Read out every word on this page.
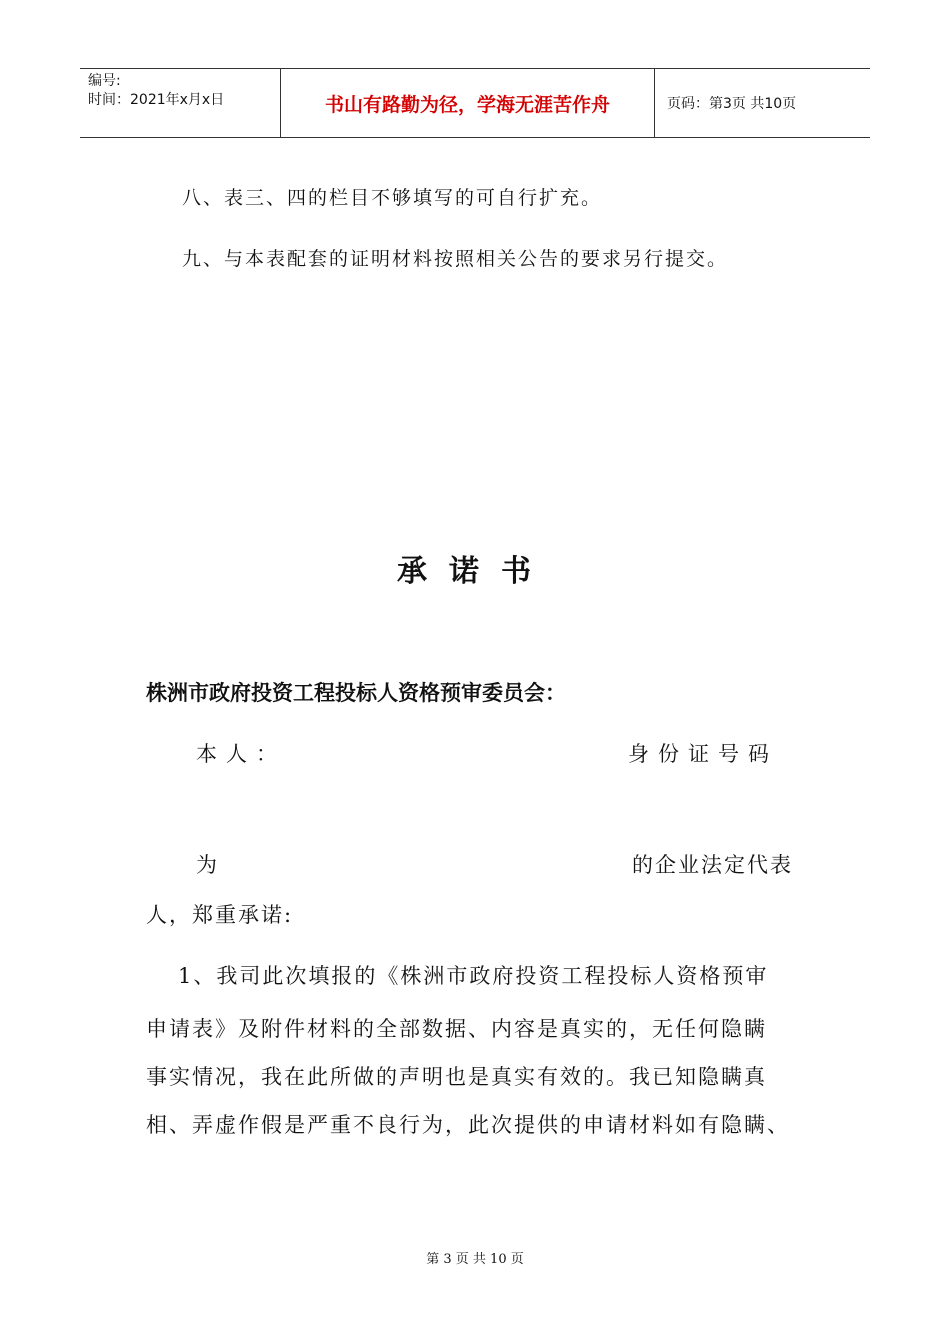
编号:
时间：2021年x月x日	书山有路勤为径，学海无涯苦作舟	页码：第3页 共10页
八、表三、四的栏目不够填写的可自行扩充。
九、与本表配套的证明材料按照相关公告的要求另行提交。
承诺书
株洲市政府投资工程投标人资格预审委员会：
本人：	身份证号码
为	的企业法定代表
人，郑重承诺:
1、我司此次填报的《株洲市政府投资工程投标人资格预审
申请表》及附件材料的全部数据、内容是真实的，无任何隐瞒
事实情况，我在此所做的声明也是真实有效的。我已知隐瞒真
相、弄虚作假是严重不良行为，此次提供的申请材料如有隐瞒、
第 3 页 共 10 页
